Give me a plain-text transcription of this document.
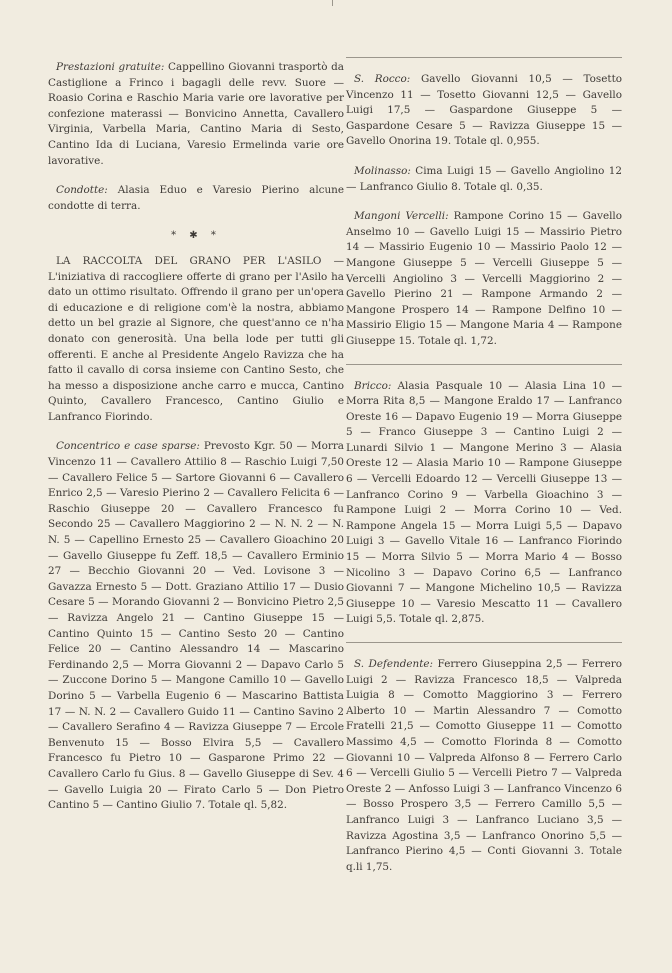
Prestazioni gratuite: Cappellino Giovanni trasportò da Castiglione a Frinco i bagagli delle revv. Suore — Roasio Corina e Raschio Maria varie ore lavorative per confezione materassi — Bonvicino Annetta, Cavallero Virginia, Varbella Maria, Cantino Maria di Sesto, Cantino Ida di Luciana, Varesio Ermelinda varie ore lavorative.

Condotte: Alasia Eduo e Varesio Pierino alcune condotte di terra.

* ✱ *

LA RACCOLTA DEL GRANO PER L'ASILO — L'iniziativa di raccogliere offerte di grano per l'Asilo ha dato un ottimo risultato. Offrendo il grano per un'opera di educazione e di religione com'è la nostra, abbiamo detto un bel grazie al Signore, che quest'anno ce n'ha donato con generosità. Una bella lode per tutti gli offerenti. E anche al Presidente Angelo Ravizza che ha fatto il cavallo di corsa insieme con Cantino Sesto, che ha messo a disposizione anche carro e mucca, Cantino Quinto, Cavallero Francesco, Cantino Giulio e Lanfranco Fiorindo.

Concentrico e case sparse: Prevosto Kgr. 50 — Morra Vincenzo 11 — Cavallero Attilio 8 — Raschio Luigi 7,50 — Cavallero Felice 5 — Sartore Giovanni 6 — Cavallero Enrico 2,5 — Varesio Pierino 2 — Cavallero Felicita 6 — Raschio Giuseppe 20 — Cavallero Francesco fu Secondo 25 — Cavallero Maggiorino 2 — N. N. 2 — N. N. 5 — Capellino Ernesto 25 — Cavallero Gioachino 20 — Gavello Giuseppe fu Zeff. 18,5 — Cavallero Erminio 27 — Becchio Giovanni 20 — Ved. Lovisone 3 — Gavazza Ernesto 5 — Dott. Graziano Attilio 17 — Dusio Cesare 5 — Morando Giovanni 2 — Bonvicino Pietro 2,5 — Ravizza Angelo 21 — Cantino Giuseppe 15 — Cantino Quinto 15 — Cantino Sesto 20 — Cantino Felice 20 — Cantino Alessandro 14 — Mascarino Ferdinando 2,5 — Morra Giovanni 2 — Dapavo Carlo 5 — Zuccone Dorino 5 — Mangone Camillo 10 — Gavello Dorino 5 — Varbella Eugenio 6 — Mascarino Battista 17 — N. N. 2 — Cavallero Guido 11 — Cantino Savino 2 — Cavallero Serafino 4 — Ravizza Giuseppe 7 — Ercole Benvenuto 15 — Bosso Elvira 5,5 — Cavallero Francesco fu Pietro 10 — Gasparone Primo 22 — Cavallero Carlo fu Gius. 8 — Gavello Giuseppe di Sev. 4 — Gavello Luigia 20 — Firato Carlo 5 — Don Pietro Cantino 5 — Cantino Giulio 7. Totale ql. 5,82.

S. Rocco: Gavello Giovanni 10,5 — Tosetto Vincenzo 11 — Tosetto Giovanni 12,5 — Gavello Luigi 17,5 — Gaspardone Giuseppe 5 — Gaspardone Cesare 5 — Ravizza Giuseppe 15 — Gavello Onorina 19. Totale ql. 0,955.

Molinasso: Cima Luigi 15 — Gavello Angiolino 12 — Lanfranco Giulio 8. Totale ql. 0,35.

Mangoni Vercelli: Rampone Corino 15 — Gavello Anselmo 10 — Gavello Luigi 15 — Massirio Pietro 14 — Massirio Eugenio 10 — Massirio Paolo 12 — Mangone Giuseppe 5 — Vercelli Giuseppe 5 — Vercelli Angiolino 3 — Vercelli Maggiorino 2 — Gavello Pierino 21 — Rampone Armando 2 — Mangone Prospero 14 — Rampone Delfino 10 — Massirio Eligio 15 — Mangone Maria 4 — Rampone Giuseppe 15. Totale ql. 1,72.

Bricco: Alasia Pasquale 10 — Alasia Lina 10 — Morra Rita 8,5 — Mangone Eraldo 17 — Lanfranco Oreste 16 — Dapavo Eugenio 19 — Morra Giuseppe 5 — Franco Giuseppe 3 — Cantino Luigi 2 — Lunardi Silvio 1 — Mangone Merino 3 — Alasia Oreste 12 — Alasia Mario 10 — Rampone Giuseppe 6 — Vercelli Edoardo 12 — Vercelli Giuseppe 13 — Lanfranco Corino 9 — Varbella Gioachino 3 — Rampone Luigi 2 — Morra Corino 10 — Ved. Rampone Angela 15 — Morra Luigi 5,5 — Dapavo Luigi 3 — Gavello Vitale 16 — Lanfranco Fiorindo 15 — Morra Silvio 5 — Morra Mario 4 — Bosso Nicolino 3 — Dapavo Corino 6,5 — Lanfranco Giovanni 7 — Mangone Michelino 10,5 — Ravizza Giuseppe 10 — Varesio Mescatto 11 — Cavallero Luigi 5,5. Totale ql. 2,875.

S. Defendente: Ferrero Giuseppina 2,5 — Ferrero Luigi 2 — Ravizza Francesco 18,5 — Valpreda Luigia 8 — Comotto Maggiorino 3 — Ferrero Alberto 10 — Martin Alessandro 7 — Comotto Fratelli 21,5 — Comotto Giuseppe 11 — Comotto Massimo 4,5 — Comotto Florinda 8 — Comotto Giovanni 10 — Valpreda Alfonso 8 — Ferrero Carlo 6 — Vercelli Giulio 5 — Vercelli Pietro 7 — Valpreda Oreste 2 — Anfosso Luigi 3 — Lanfranco Vincenzo 6 — Bosso Prospero 3,5 — Ferrero Camillo 5,5 — Lanfranco Luigi 3 — Lanfranco Luciano 3,5 — Ravizza Agostina 3,5 — Lanfranco Onorino 5,5 — Lanfranco Pierino 4,5 — Conti Giovanni 3. Totale q.li 1,75.
